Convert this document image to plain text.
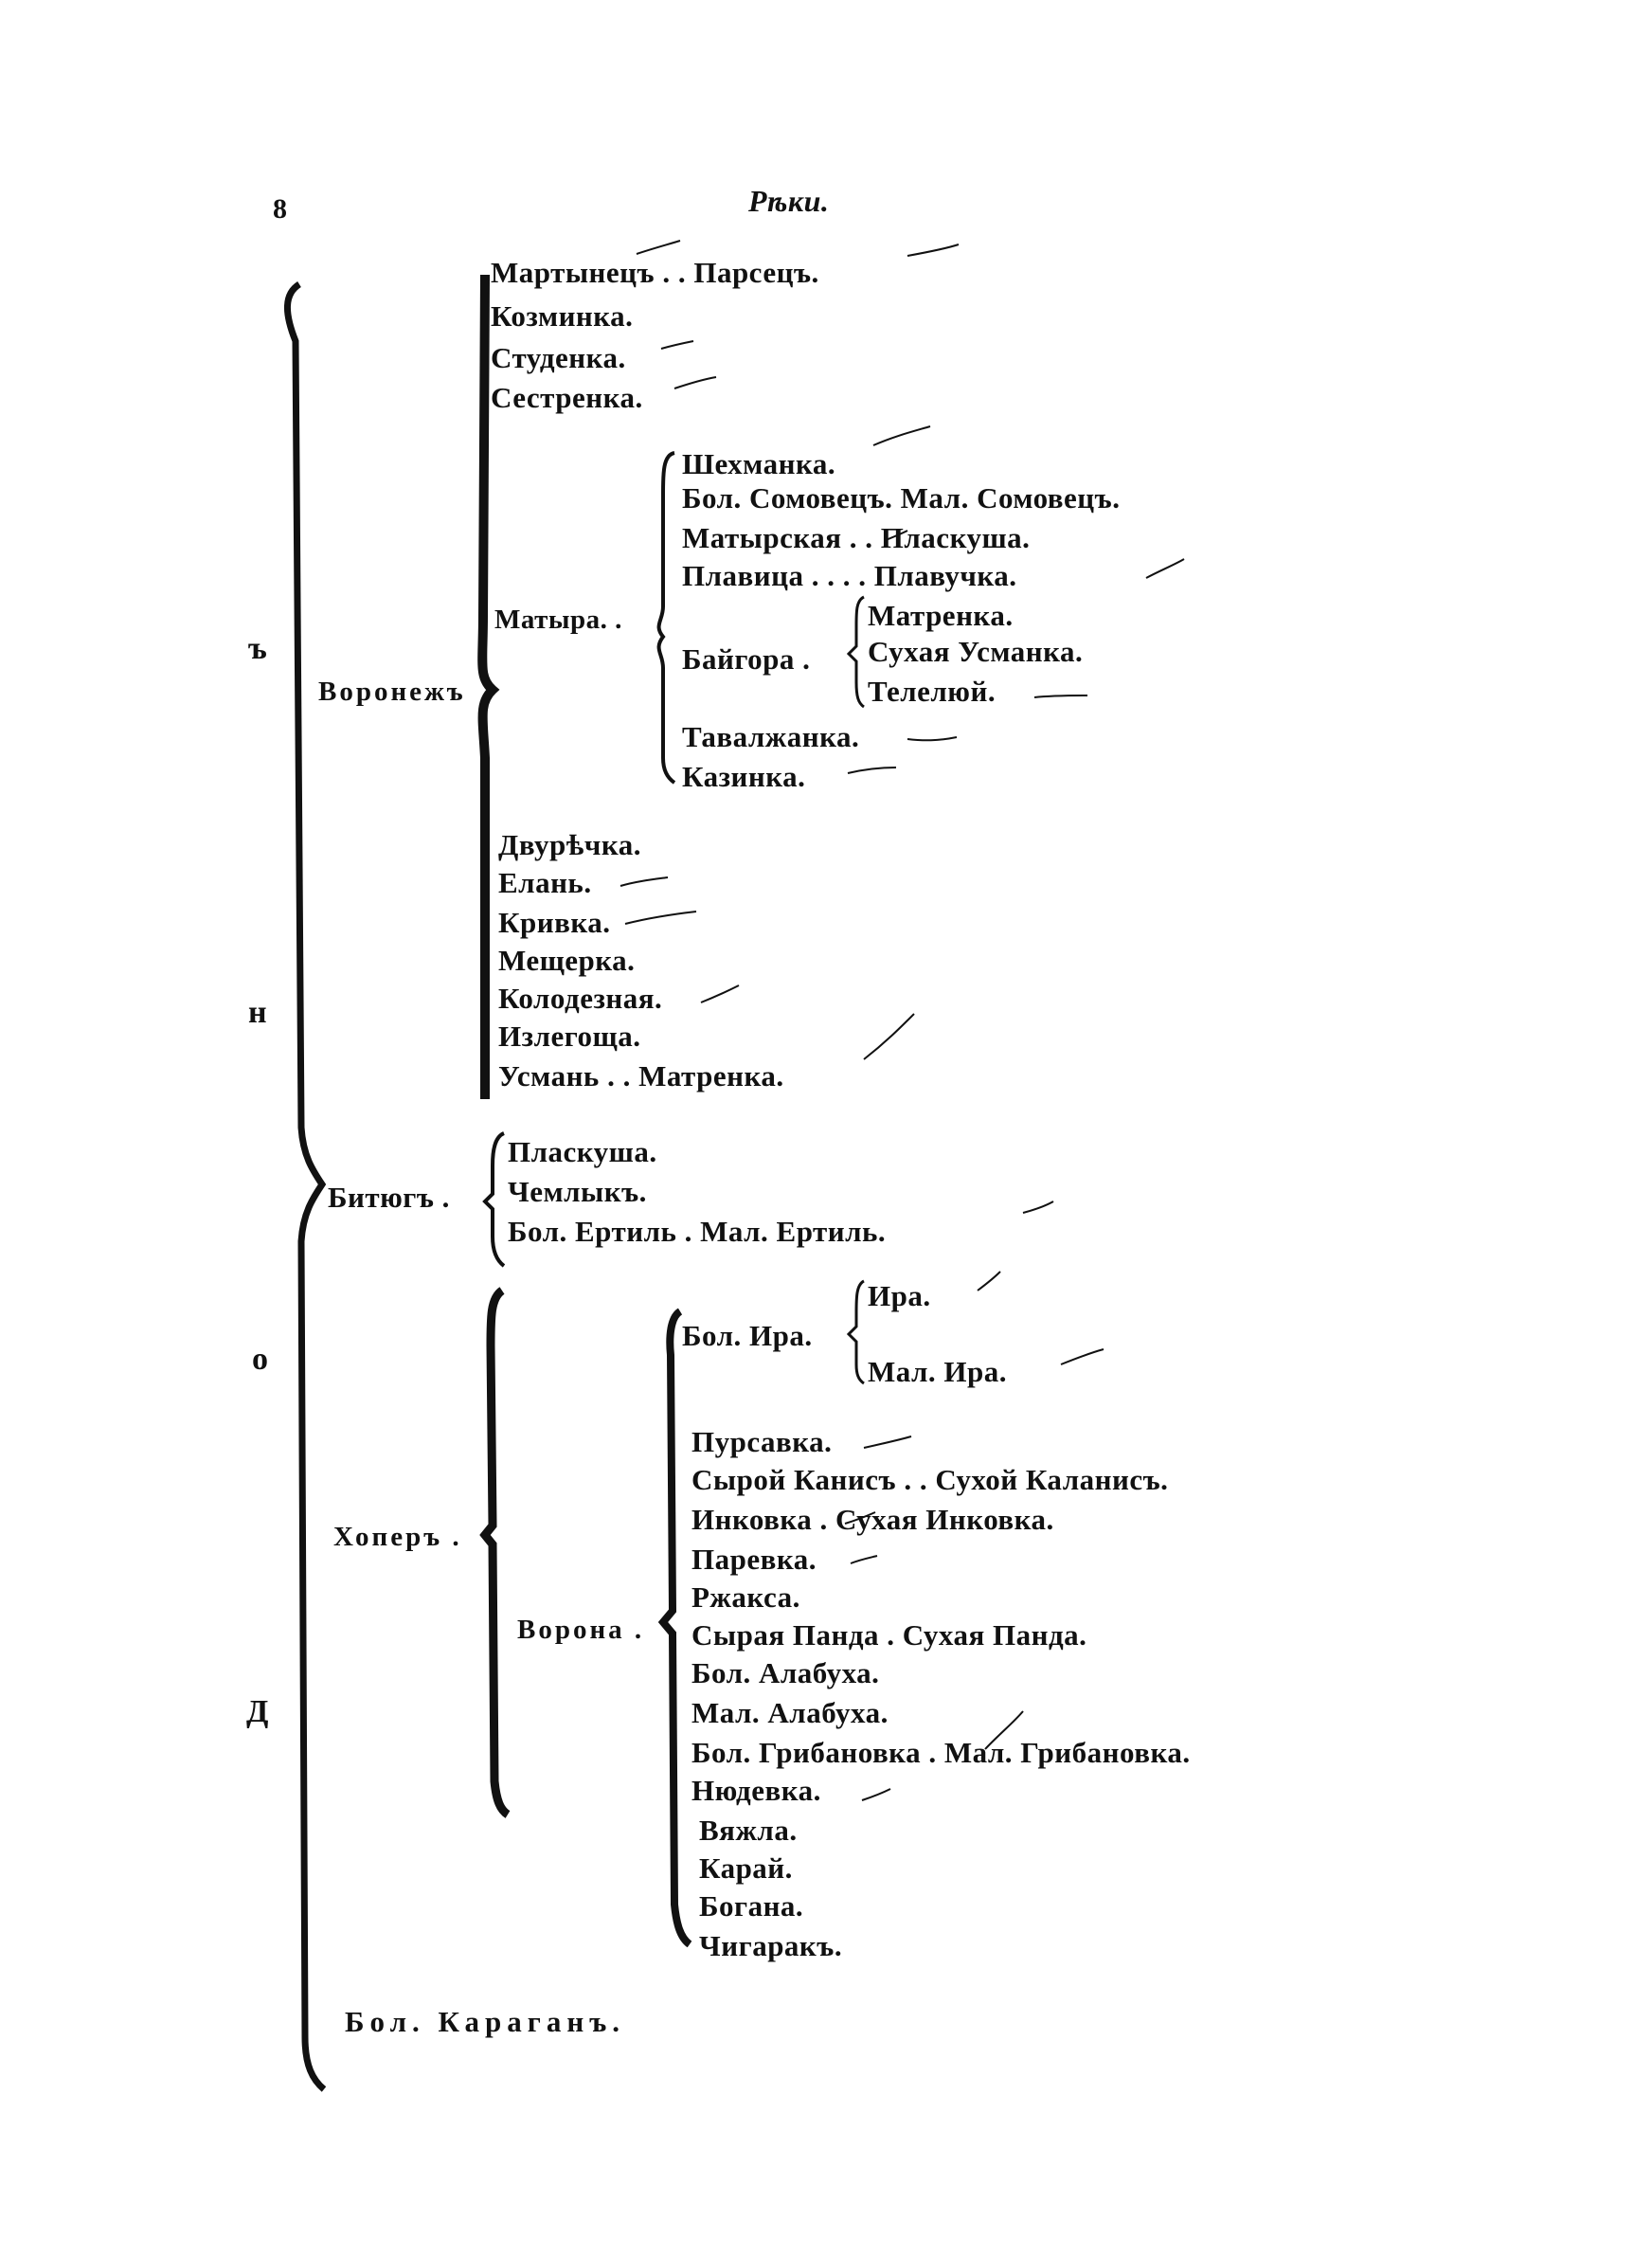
8	Рѣки.
Д
о
н
ъ
Воронежъ
Мартынецъ . . Парсецъ.
Козминка.
Студенка.
Сестренка.
Матыра. .
Шехманка.
Бол. Сомовецъ. Мал. Сомовецъ.
Матырская . . Пласкуша.
Плавица . . . . Плавучка.
Байгора .
Матренка.
Сухая Усманка.
Телелюй.
Тавалжанка.
Казинка.
Двурѣчка.
Елань.
Кривка.
Мещерка.
Колодезная.
Излегоща.
Усмань . . Матренка.
Битюгъ .
Пласкуша.
Чемлыкъ.
Бол. Ертиль . Мал. Ертиль.
Хоперъ .
Ворона .
Бол. Ира.
Ира.
Мал. Ира.
Пурсавка.
Сырой Канисъ . . Сухой Каланисъ.
Инковка . Сухая Инковка.
Паревка.
Ржакса.
Сырая Панда . Сухая Панда.
Бол. Алабуха.
Мал. Алабуха.
Бол. Грибановка . Мал. Грибановка.
Нюдевка.
Вяжла.
Карай.
Богана.
Чигаракъ.
Бол. Караганъ.
